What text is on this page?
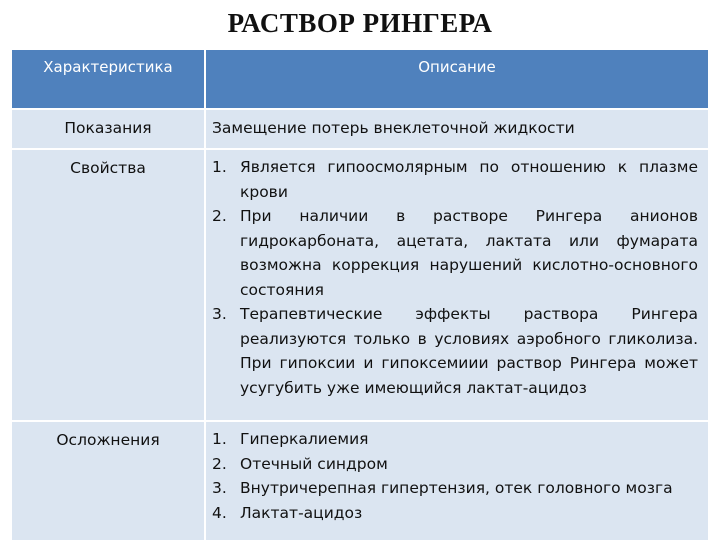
РАСТВОР РИНГЕРА
Характеристика	Описание
Показания	Замещение потерь внеклеточной жидкости
Свойства	1. Является гипоосмолярным по отношению к плазме крови
2. При наличии в растворе Рингера анионов гидрокарбоната, ацетата, лактата или фумарата возможна коррекция нарушений кислотно-основного состояния
3. Терапевтические эффекты раствора Рингера реализуются только в условиях аэробного гликолиза. При гипоксии и гипоксемиии раствор Рингера может усугубить уже имеющийся лактат-ацидоз
Осложнения	1. Гиперкалиемия
2. Отечный синдром
3. Внутричерепная гипертензия, отек головного мозга
4. Лактат-ацидоз
